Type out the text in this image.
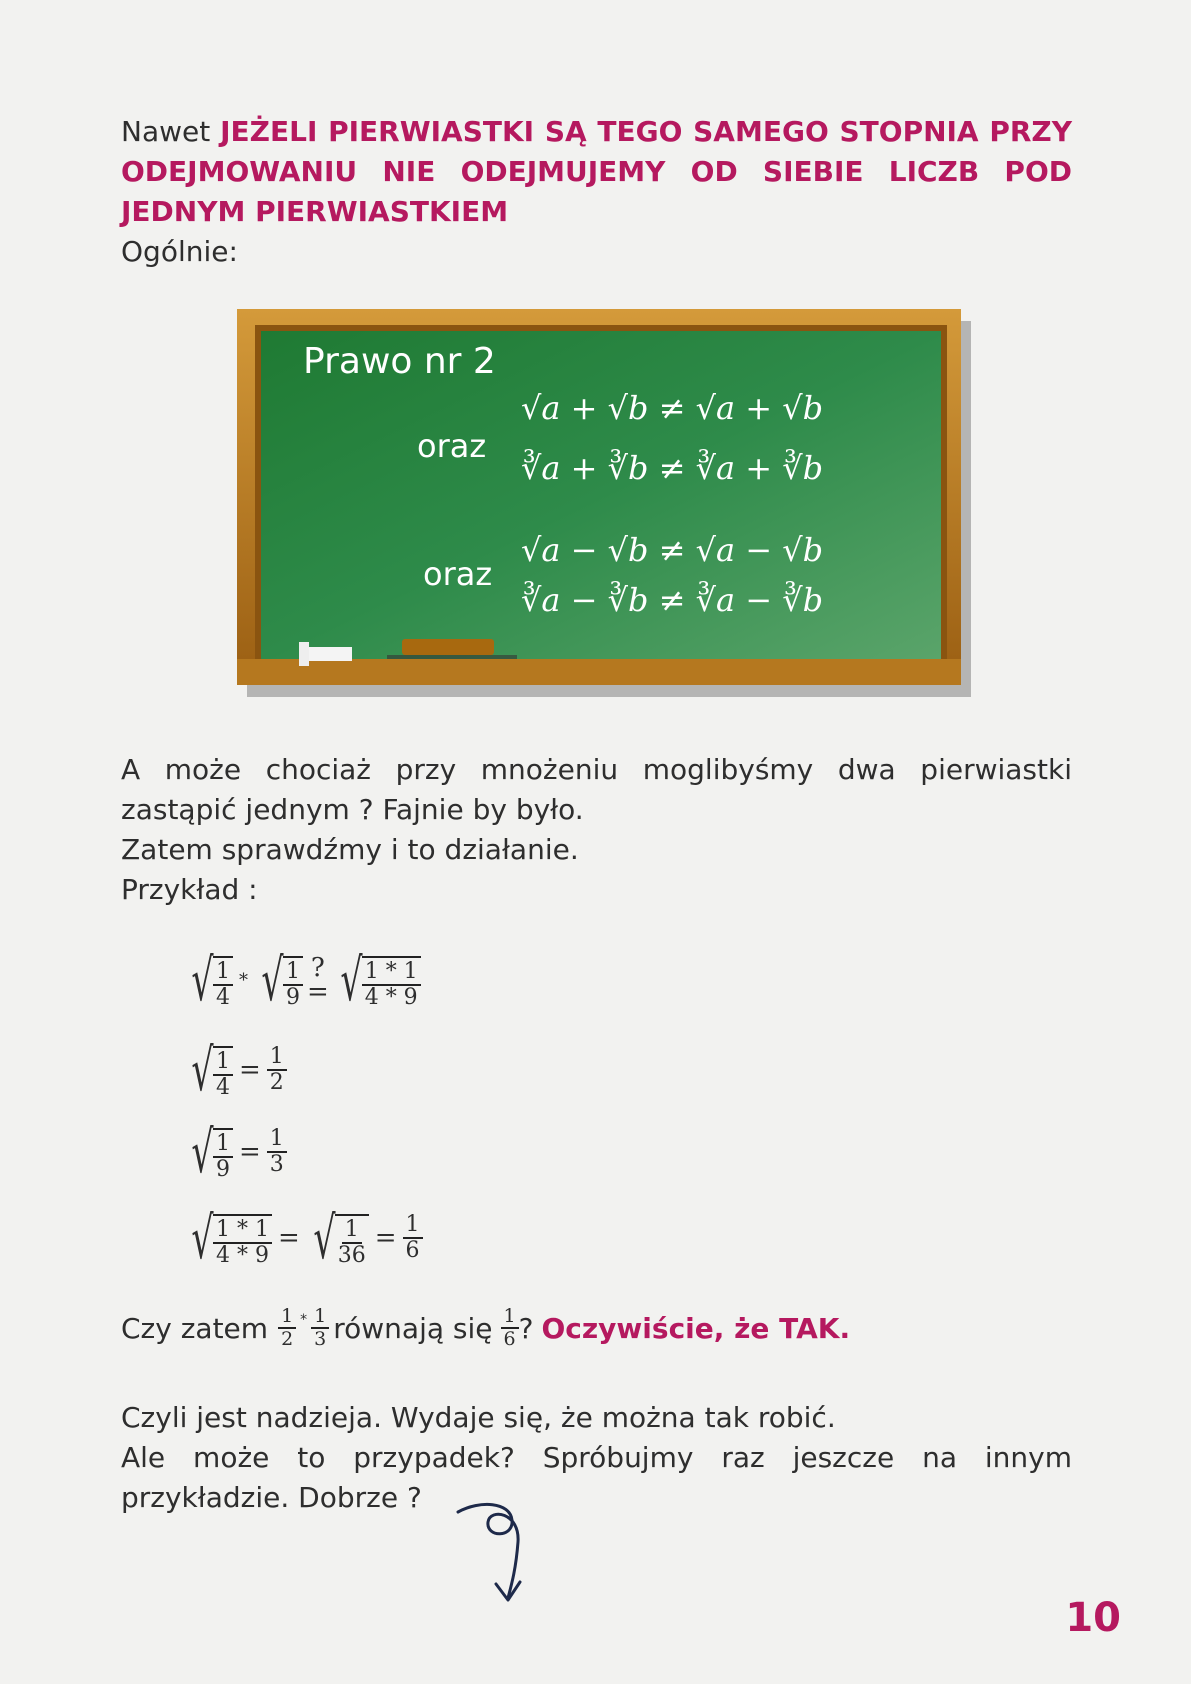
Nawet JEŻELI PIERWIASTKI SĄ TEGO SAMEGO STOPNIA PRZY
ODEJMOWANIU NIE ODEJMUJEMY OD SIEBIE LICZB POD
JEDNYM PIERWIASTKIEM
Ogólnie:
Prawo nr 2
√a + √b ≠ √a + √b
oraz
∛a + ∛b ≠ ∛a + ∛b
√a − √b ≠ √a − √b
oraz
∛a − ∛b ≠ ∛a − ∛b
A może chociaż przy mnożeniu moglibyśmy dwa pierwiastki
zastąpić jednym ? Fajnie by było.
Zatem sprawdźmy i to działanie.
Przykład :
√ $\frac{1}{4}$ * √ $\frac{1}{9}$ ?
= √ $\frac{1 * 1}{4 * 9}$
√ $\frac{1}{4} = \frac{1}{2}$
√ $\frac{1}{9} = \frac{1}{3}$
√ $\frac{1 * 1}{4 * 9}$ = √ $\frac{1}{36} = \frac{1}{6}$
Czy zatem $\frac{1}{2} * \frac{1}{3}$ równają się $\frac{1}{6}$ ? Oczywiście, że TAK.
Czyli jest nadzieja. Wydaje się, że można tak robić.
Ale może to przypadek? Spróbujmy raz jeszcze na innym
przykładzie. Dobrze ?
10
